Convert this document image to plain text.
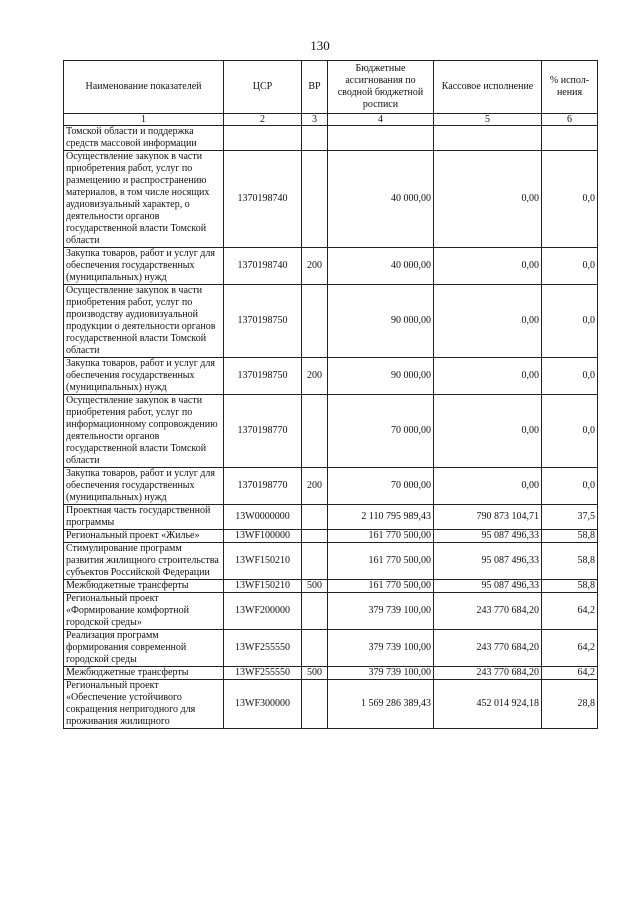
130
Наименование показателей	ЦСР	ВР	Бюджетные ассигнования по сводной бюджетной росписи	Кассовое исполнение	% испол-нения
1	2	3	4	5	6
Томской области и поддержка средств массовой информации					
Осуществление закупок в части приобретения работ, услуг по размещению и распространению материалов, в том числе носящих аудиовизуальный характер, о деятельности органов государственной власти Томской области	1370198740		40 000,00	0,00	0,0
Закупка товаров, работ и услуг для обеспечения государственных (муниципальных) нужд	1370198740	200	40 000,00	0,00	0,0
Осуществление закупок в части приобретения работ, услуг по производству аудиовизуальной продукции о деятельности органов государственной власти Томской области	1370198750		90 000,00	0,00	0,0
Закупка товаров, работ и услуг для обеспечения государственных (муниципальных) нужд	1370198750	200	90 000,00	0,00	0,0
Осуществление закупок в части приобретения работ, услуг по информационному сопровождению деятельности органов государственной власти Томской области	1370198770		70 000,00	0,00	0,0
Закупка товаров, работ и услуг для обеспечения государственных (муниципальных) нужд	1370198770	200	70 000,00	0,00	0,0
Проектная часть государственной программы	13W0000000		2 110 795 989,43	790 873 104,71	37,5
Региональный проект «Жилье»	13WF100000		161 770 500,00	95 087 496,33	58,8
Стимулирование программ развития жилищного строительства субъектов Российской Федерации	13WF150210		161 770 500,00	95 087 496,33	58,8
Межбюджетные трансферты	13WF150210	500	161 770 500,00	95 087 496,33	58,8
Региональный проект «Формирование комфортной городской среды»	13WF200000		379 739 100,00	243 770 684,20	64,2
Реализация программ формирования современной городской среды	13WF255550		379 739 100,00	243 770 684,20	64,2
Межбюджетные трансферты	13WF255550	500	379 739 100,00	243 770 684,20	64,2
Региональный проект «Обеспечение устойчивого сокращения непригодного для проживания жилищного	13WF300000		1 569 286 389,43	452 014 924,18	28,8
